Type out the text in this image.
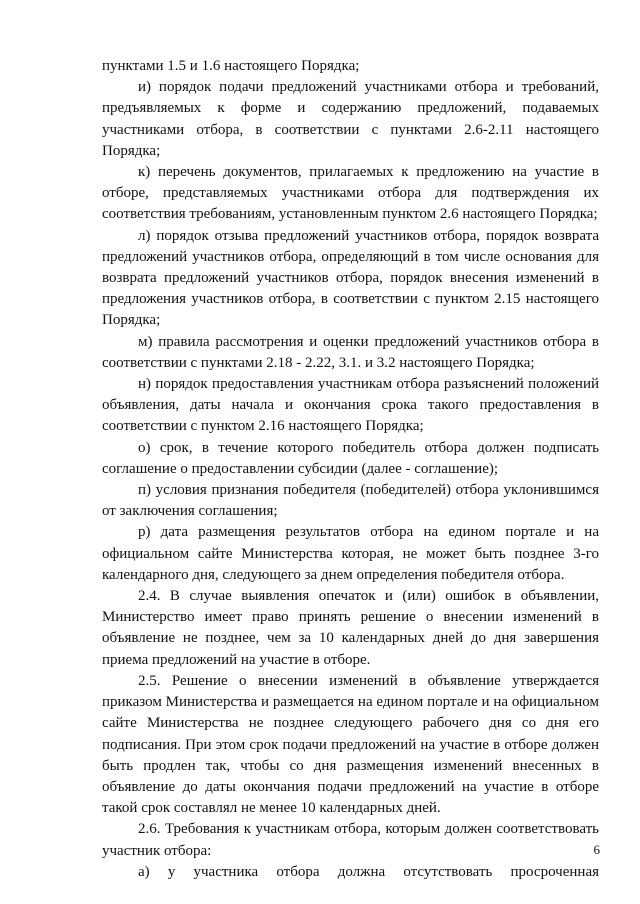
пунктами 1.5 и 1.6 настоящего Порядка;

и) порядок подачи предложений участниками отбора и требований, предъявляемых к форме и содержанию предложений, подаваемых участниками отбора, в соответствии с пунктами 2.6-2.11 настоящего Порядка;

к) перечень документов, прилагаемых к предложению на участие в отборе, представляемых участниками отбора для подтверждения их соответствия требованиям, установленным пунктом 2.6 настоящего Порядка;

л) порядок отзыва предложений участников отбора, порядок возврата предложений участников отбора, определяющий в том числе основания для возврата предложений участников отбора, порядок внесения изменений в предложения участников отбора, в соответствии с пунктом 2.15 настоящего Порядка;

м) правила рассмотрения и оценки предложений участников отбора в соответствии с пунктами 2.18 - 2.22, 3.1. и 3.2 настоящего Порядка;

н) порядок предоставления участникам отбора разъяснений положений объявления, даты начала и окончания срока такого предоставления в соответствии с пунктом 2.16 настоящего Порядка;

о) срок, в течение которого победитель отбора должен подписать соглашение о предоставлении субсидии (далее - соглашение);

п) условия признания победителя (победителей) отбора уклонившимся от заключения соглашения;

р) дата размещения результатов отбора на едином портале и на официальном сайте Министерства которая, не может быть позднее 3-го календарного дня, следующего за днем определения победителя отбора.

2.4. В случае выявления опечаток и (или) ошибок в объявлении, Министерство имеет право принять решение о внесении изменений в объявление не позднее, чем за 10 календарных дней до дня завершения приема предложений на участие в отборе.

2.5. Решение о внесении изменений в объявление утверждается приказом Министерства и размещается на едином портале и на официальном сайте Министерства не позднее следующего рабочего дня со дня его подписания. При этом срок подачи предложений на участие в отборе должен быть продлен так, чтобы со дня размещения изменений внесенных в объявление до даты окончания подачи предложений на участие в отборе такой срок составлял не менее 10 календарных дней.

2.6. Требования к участникам отбора, которым должен соответствовать участник отбора:

а) у участника отбора должна отсутствовать просроченная

6
